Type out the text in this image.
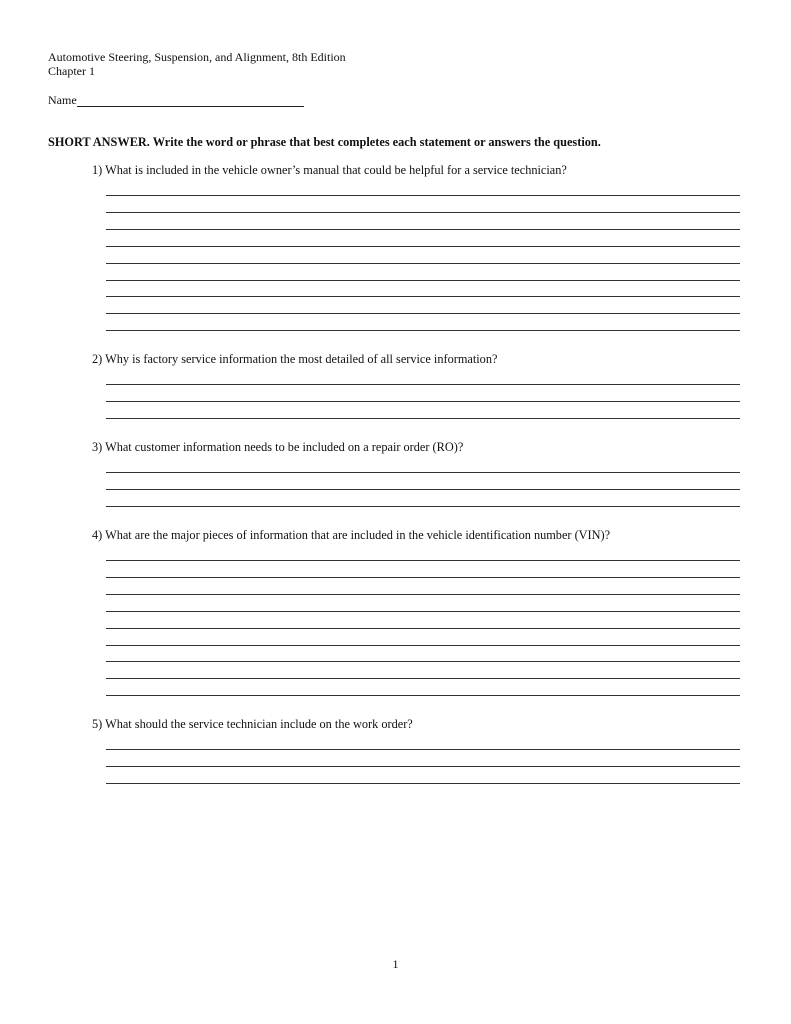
Automotive Steering, Suspension, and Alignment, 8th Edition
Chapter 1
Name
SHORT ANSWER. Write the word or phrase that best completes each statement or answers the question.
1) What is included in the vehicle owner’s manual that could be helpful for a service technician?
2) Why is factory service information the most detailed of all service information?
3) What customer information needs to be included on a repair order (RO)?
4) What are the major pieces of information that are included in the vehicle identification number (VIN)?
5) What should the service technician include on the work order?
1
